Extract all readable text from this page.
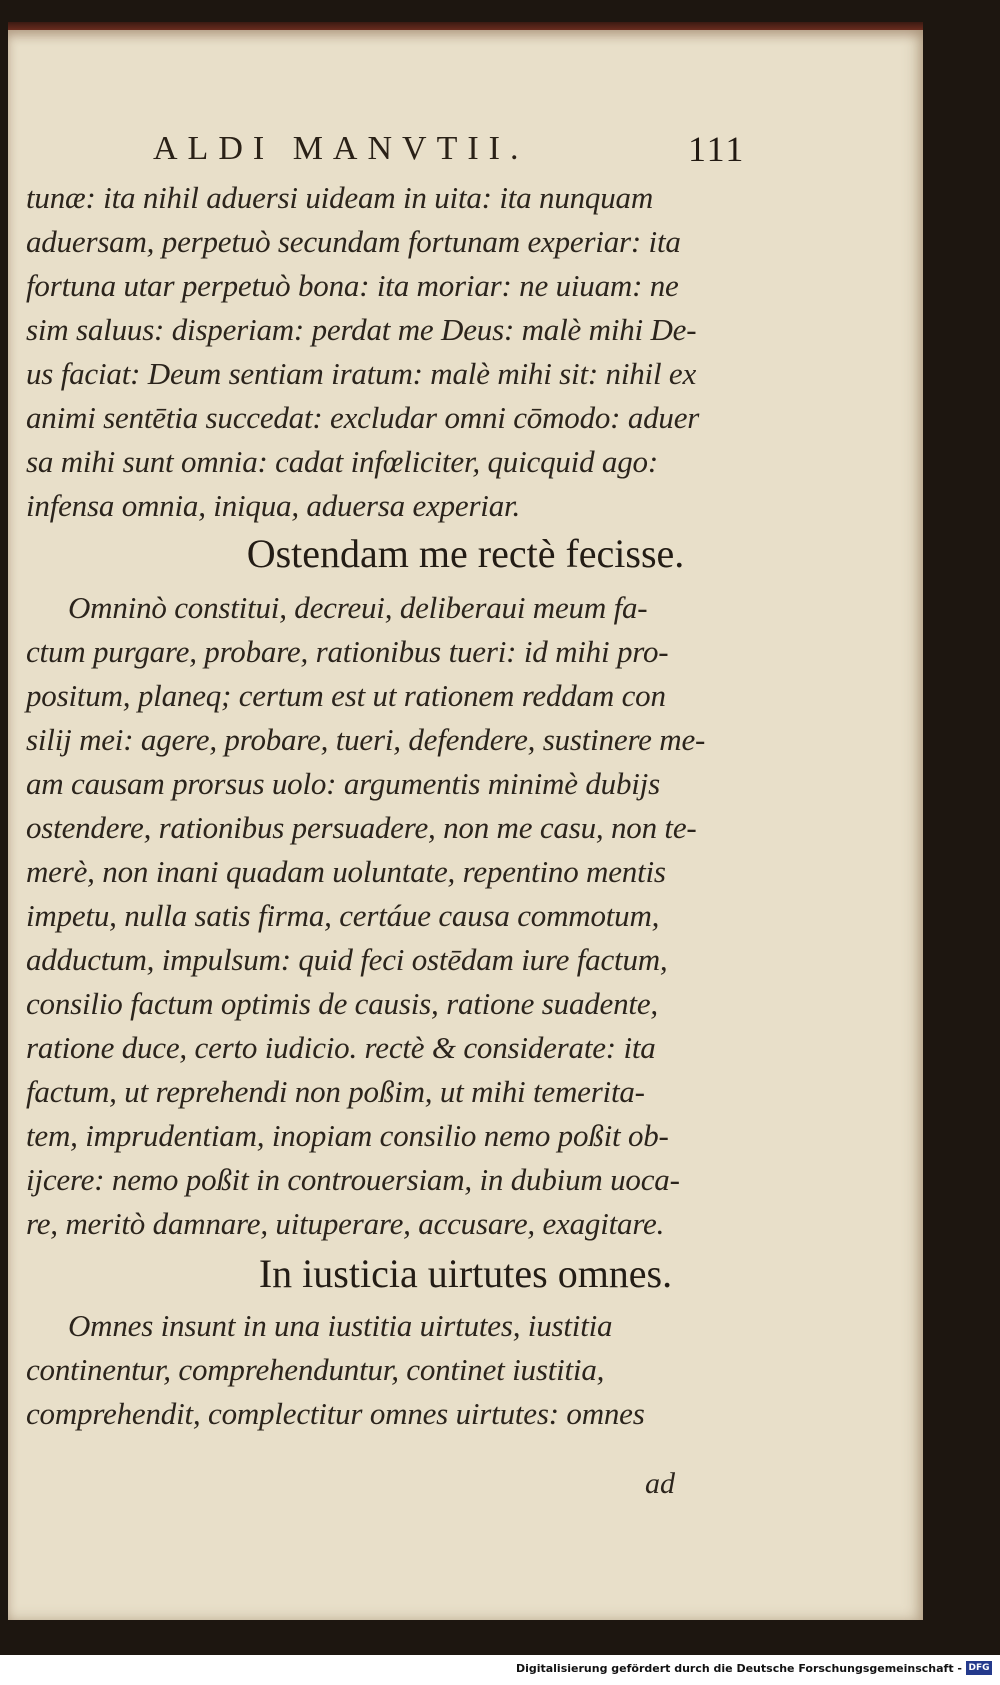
ALDI MANVTII.	111
tunæ: ita nihil aduersi uideam in uita: ita nunquam
aduersam, perpetuò secundam fortunam experiar: ita
fortuna utar perpetuò bona: ita moriar: ne uiuam: ne
sim saluus: disperiam: perdat me Deus: malè mihi De-
us faciat: Deum sentiam iratum: malè mihi sit: nihil ex
animi sentētia succedat: excludar omni cōmodo: aduer
sa mihi sunt omnia: cadat infœliciter, quicquid ago:
infensa omnia, iniqua, aduersa experiar.
Ostendam me rectè fecisse.
Omninò constitui, decreui, deliberaui meum fa-
ctum purgare, probare, rationibus tueri: id mihi pro-
positum, planeq; certum est ut rationem reddam con
silij mei: agere, probare, tueri, defendere, sustinere me-
am causam prorsus uolo: argumentis minimè dubijs
ostendere, rationibus persuadere, non me casu, non te-
merè, non inani quadam uoluntate, repentino mentis
impetu, nulla satis firma, certáue causa commotum,
adductum, impulsum: quid feci ostēdam iure factum,
consilio factum optimis de causis, ratione suadente,
ratione duce, certo iudicio. rectè & considerate: ita
factum, ut reprehendi non poßim, ut mihi temerita-
tem, imprudentiam, inopiam consilio nemo poßit ob-
ijcere: nemo poßit in controuersiam, in dubium uoca-
re, meritò damnare, uituperare, accusare, exagitare.
In iusticia uirtutes omnes.
Omnes insunt in una iustitia uirtutes, iustitia
continentur, comprehenduntur, continet iustitia,
comprehendit, complectitur omnes uirtutes: omnes
ad
Digitalisierung gefördert durch die Deutsche Forschungsgemeinschaft - DFG
